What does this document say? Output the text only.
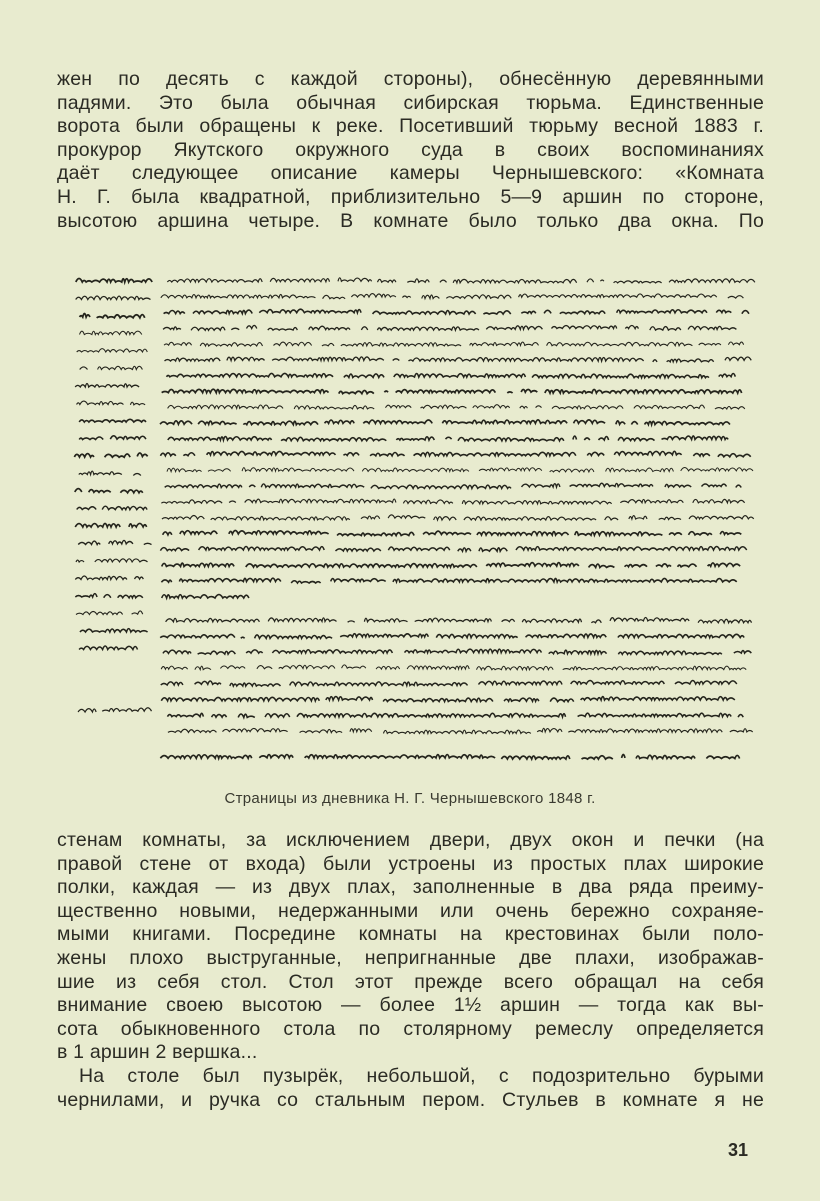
жен по десять с каждой стороны), обнесённую деревянными
падями. Это была обычная сибирская тюрьма. Единственные
ворота были обращены к реке. Посетивший тюрьму весной 1883 г.
прокурор Якутского окружного суда в своих воспоминаниях
даёт следующее описание камеры Чернышевского: «Комната
Н. Г. была квадратной, приблизительно 5—9 аршин по стороне,
высотою аршина четыре. В комнате было только два окна. По
Страницы из дневника Н. Г. Чернышевского 1848 г.
стенам комнаты, за исключением двери, двух окон и печки (на
правой стене от входа) были устроены из простых плах широкие
полки, каждая — из двух плах, заполненные в два ряда преиму-
щественно новыми, недержанными или очень бережно сохраняе-
мыми книгами. Посредине комнаты на крестовинах были поло-
жены плохо выструганные, непригнанные две плахи, изображав-
шие из себя стол. Стол этот прежде всего обращал на себя
внимание своею высотою — более 1½ аршин — тогда как вы-
сота обыкновенного стола по столярному ремеслу определяется
в 1 аршин 2 вершка...
На столе был пузырёк, небольшой, с подозрительно бурыми
чернилами, и ручка со стальным пером. Стульев в комнате я не
31
